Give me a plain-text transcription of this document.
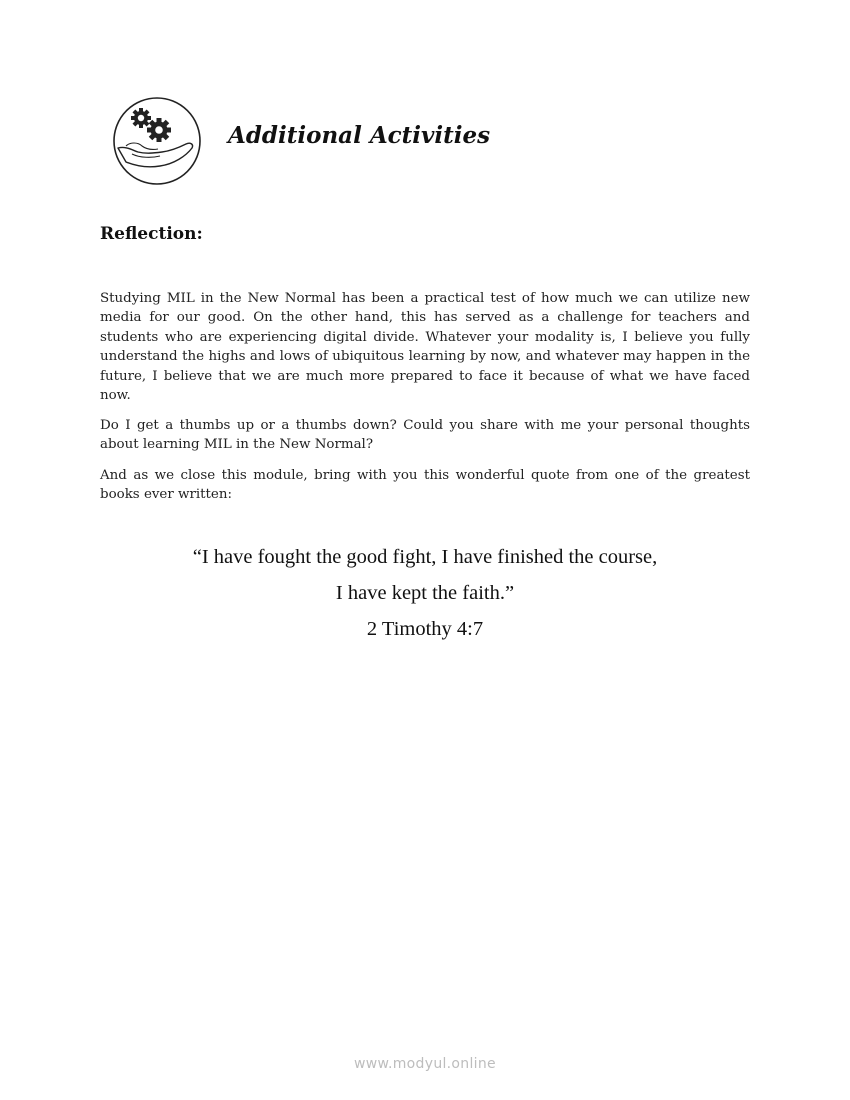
Additional Activities
Reflection:

Studying MIL in the New Normal has been a practical test of how much we can utilize new media for our good. On the other hand, this has served as a challenge for teachers and students who are experiencing digital divide. Whatever your modality is, I believe you fully understand the highs and lows of ubiquitous learning by now, and whatever may happen in the future, I believe that we are much more prepared to face it because of what we have faced now.

Do I get a thumbs up or a thumbs down? Could you share with me your personal thoughts about learning MIL in the New Normal?

And as we close this module, bring with you this wonderful quote from one of the greatest books ever written:

“I have fought the good fight, I have finished the course,
I have kept the faith.”
2 Timothy 4:7
www.modyul.online
